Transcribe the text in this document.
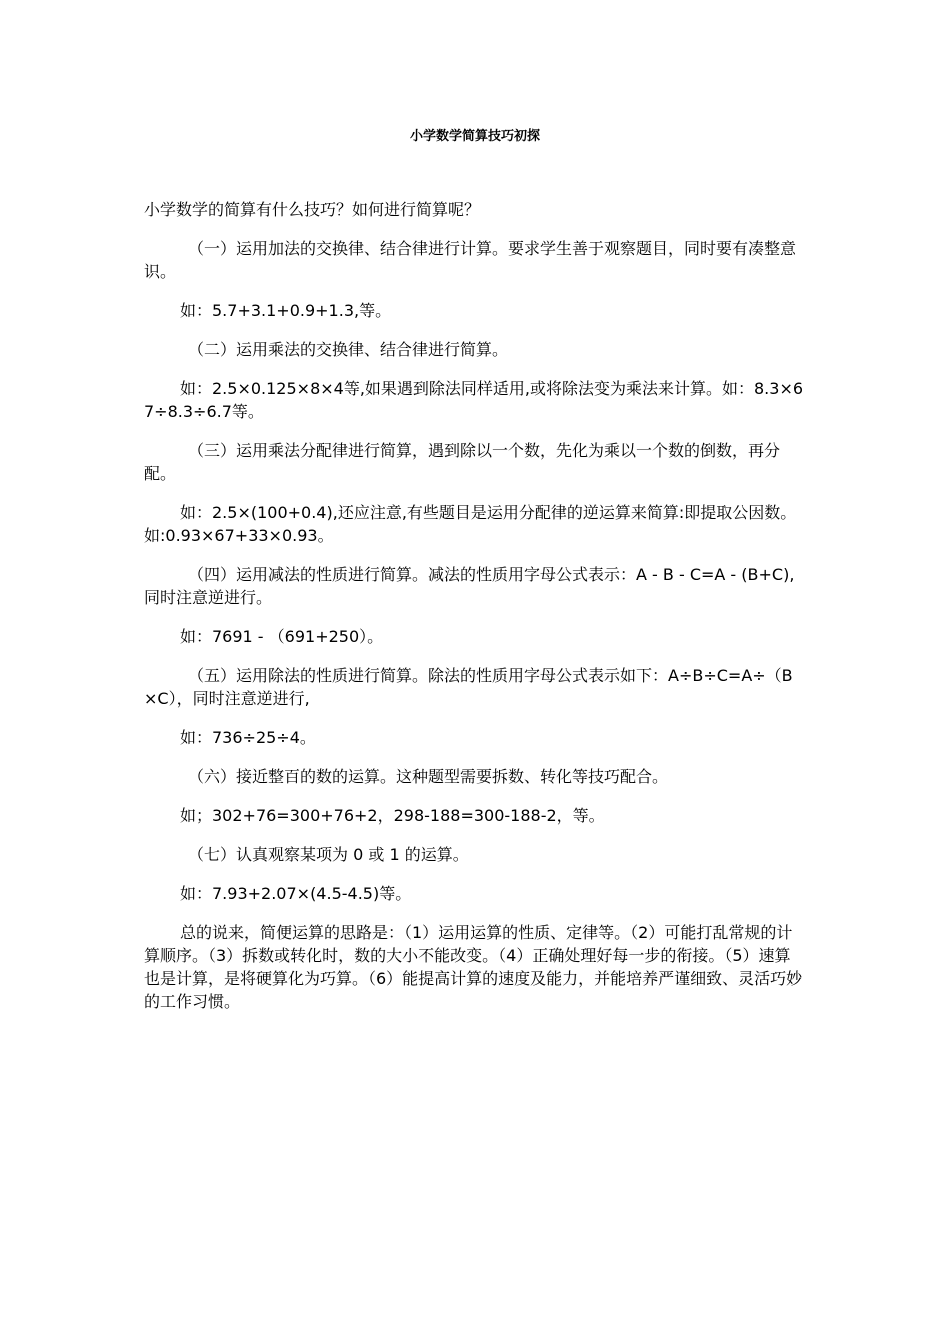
小学数学简算技巧初探

小学数学的简算有什么技巧？如何进行简算呢？

（一）运用加法的交换律、结合律进行计算。要求学生善于观察题目，同时要有凑整意识。

如：5.7+3.1+0.9+1.3,等。

（二）运用乘法的交换律、结合律进行简算。

如：2.5×0.125×8×4等,如果遇到除法同样适用,或将除法变为乘法来计算。如：8.3×67÷8.3÷6.7等。

（三）运用乘法分配律进行简算，遇到除以一个数，先化为乘以一个数的倒数，再分配。

如：2.5×(100+0.4),还应注意,有些题目是运用分配律的逆运算来简算:即提取公因数。如:0.93×67+33×0.93。

（四）运用减法的性质进行简算。减法的性质用字母公式表示：A - B - C=A - (B+C),同时注意逆进行。

如：7691 - （691+250）。

（五）运用除法的性质进行简算。除法的性质用字母公式表示如下：A÷B÷C=A÷（B×C），同时注意逆进行,

如：736÷25÷4。

（六）接近整百的数的运算。这种题型需要拆数、转化等技巧配合。

如；302+76=300+76+2，298-188=300-188-2，等。

（七）认真观察某项为 0 或 1 的运算。

如：7.93+2.07×(4.5-4.5)等。

总的说来，简便运算的思路是：（1）运用运算的性质、定律等。（2）可能打乱常规的计算顺序。（3）拆数或转化时，数的大小不能改变。（4）正确处理好每一步的衔接。（5）速算也是计算，是将硬算化为巧算。（6）能提高计算的速度及能力，并能培养严谨细致、灵活巧妙的工作习惯。
